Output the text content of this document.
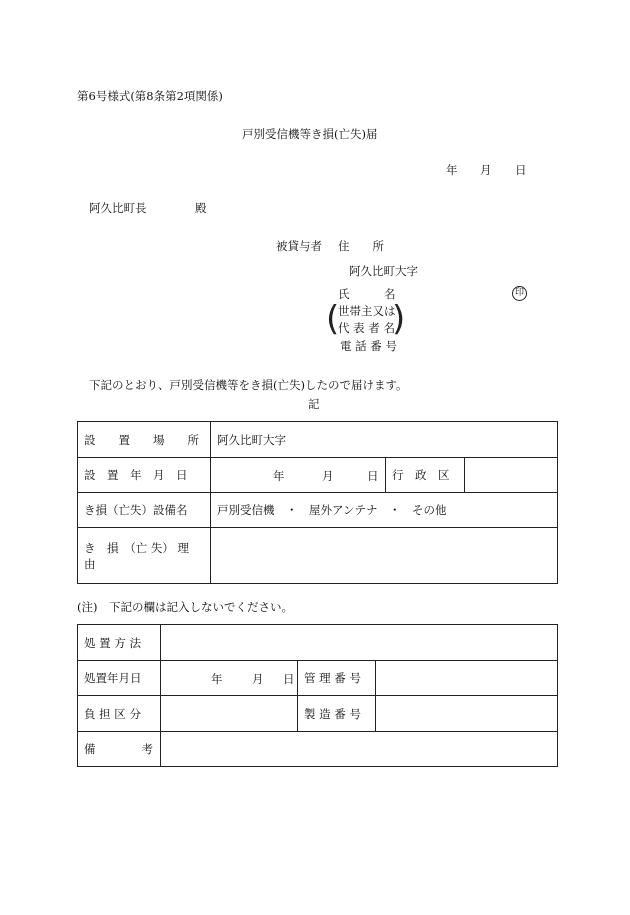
第6号様式(第8条第2項関係)
戸別受信機等き損(亡失)届
年 月 日
阿久比町長	殿
被貸与者 住　　所
阿久比町大字
氏　　　名	印
(
世帯主又は
代 表 者 名
)
電 話 番 号
下記のとおり、戸別受信機等をき損(亡失)したので届けます。
記
設　　置　　場　　所	阿久比町大字		
設　置　年　月　日	年 月 日	行　政　区	
き損（亡失）設備名	戸別受信機　・　屋外アンテナ　・　その他		
き　損　（亡 失） 理　由			
(注)　下記の欄は記入しないでください。
処 置 方 法			
処置年月日	年 月 日	管 理 番 号	
負 担 区 分		製 造 番 号	
備　　　　考			
